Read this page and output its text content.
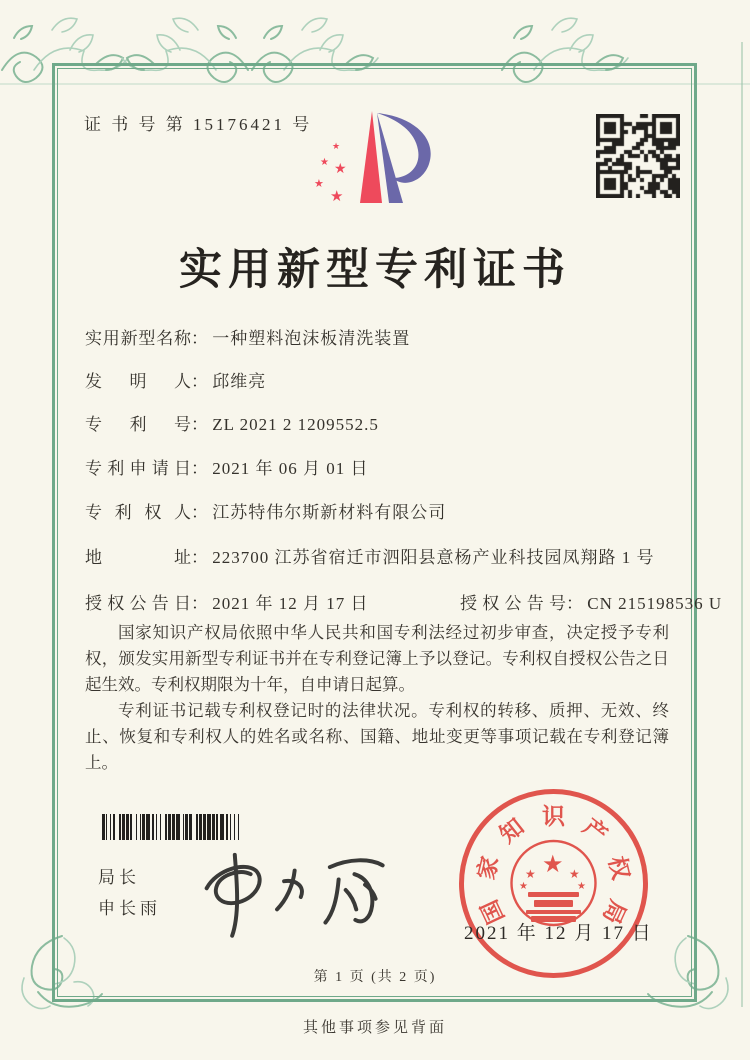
证 书 号 第 15176421 号
★
★ ★
★
★
实用新型专利证书
实用新型名称： 一种塑料泡沫板清洗装置
发明人： 邱维亮
专利号： ZL 2021 2 1209552.5
专利申请日： 2021 年 06 月 01 日
专利权人： 江苏特伟尔斯新材料有限公司
地址： 223700 江苏省宿迁市泗阳县意杨产业科技园凤翔路 1 号
授权公告日： 2021 年 12 月 17 日	授权公告号： CN 215198536 U

国家知识产权局依照中华人民共和国专利法经过初步审查，决定授予专利权，颁发实用新型专利证书并在专利登记簿上予以登记。专利权自授权公告之日起生效。专利权期限为十年，自申请日起算。

专利证书记载专利权登记时的法律状况。专利权的转移、质押、无效、终止、恢复和专利权人的姓名或名称、国籍、地址变更等事项记载在专利登记簿上。

局长
申长雨
★
★	★
★	★
国
家
知 识 产
权
局
2021 年 12 月 17 日
第 1 页 (共 2 页)
其他事项参见背面
